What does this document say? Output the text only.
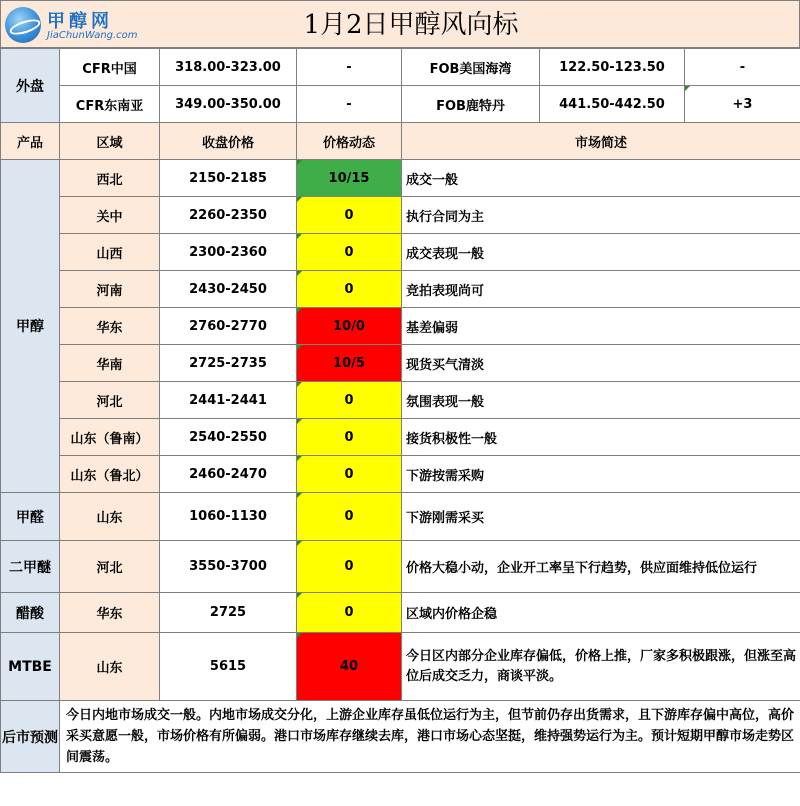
1月2日甲醇风向标
甲醇网
JiaChunWang.com
外盘	CFR中国	318.00-323.00	-	FOB美国海湾	122.50-123.50	-
	CFR东南亚	349.00-350.00	-	FOB鹿特丹	441.50-442.50	+3
产品	区域	收盘价格	价格动态	市场简述		
甲醇	西北	2150-2185	10/15	成交一般		
	关中	2260-2350	0	执行合同为主		
	山西	2300-2360	0	成交表现一般		
	河南	2430-2450	0	竞拍表现尚可		
	华东	2760-2770	10/0	基差偏弱		
	华南	2725-2735	10/5	现货买气清淡		
	河北	2441-2441	0	氛围表现一般		
	山东（鲁南）	2540-2550	0	接货积极性一般		
	山东（鲁北）	2460-2470	0	下游按需采购		
甲醛	山东	1060-1130	0	下游刚需采买		
二甲醚	河北	3550-3700	0	价格大稳小动，企业开工率呈下行趋势，供应面维持低位运行		
醋酸	华东	2725	0	区域内价格企稳		
MTBE	山东	5615	40	今日区内部分企业库存偏低，价格上推，厂家多积极跟涨，但涨至高位后成交乏力，商谈平淡。		
后市预测	今日内地市场成交一般。内地市场成交分化，上游企业库存虽低位运行为主，但节前仍存出货需求，且下游库存偏中高位，高价采买意愿一般，市场价格有所偏弱。港口市场库存继续去库，港口市场心态坚挺，维持强势运行为主。预计短期甲醇市场走势区间震荡。					
